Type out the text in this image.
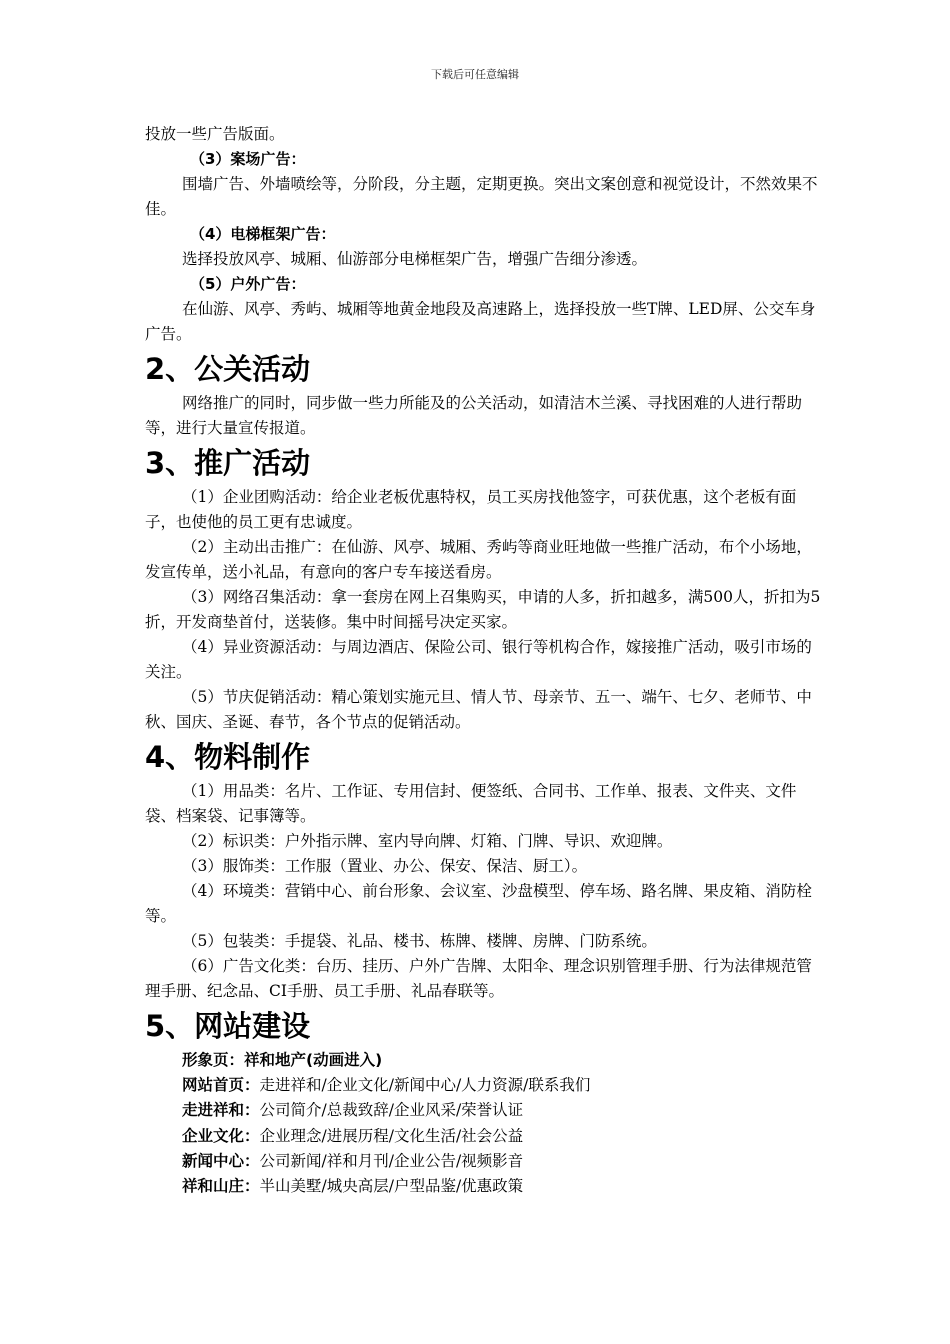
下载后可任意编辑

投放一些广告版面。

（3）案场广告：

围墙广告、外墙喷绘等，分阶段，分主题，定期更换。突出文案创意和视觉设计，不然效果不佳。

（4）电梯框架广告：

选择投放风亭、城厢、仙游部分电梯框架广告，增强广告细分渗透。

（5）户外广告：

在仙游、风亭、秀屿、城厢等地黄金地段及高速路上，选择投放一些T牌、LED屏、公交车身广告。

2、公关活动

网络推广的同时，同步做一些力所能及的公关活动，如清洁木兰溪、寻找困难的人进行帮助等，进行大量宣传报道。

3、推广活动

（1）企业团购活动：给企业老板优惠特权，员工买房找他签字，可获优惠，这个老板有面子，也使他的员工更有忠诚度。

（2）主动出击推广：在仙游、风亭、城厢、秀屿等商业旺地做一些推广活动，布个小场地，发宣传单，送小礼品，有意向的客户专车接送看房。

（3）网络召集活动：拿一套房在网上召集购买，申请的人多，折扣越多，满500人，折扣为5折，开发商垫首付，送装修。集中时间摇号决定买家。

（4）异业资源活动：与周边酒店、保险公司、银行等机构合作，嫁接推广活动，吸引市场的关注。

（5）节庆促销活动：精心策划实施元旦、情人节、母亲节、五一、端午、七夕、老师节、中秋、国庆、圣诞、春节，各个节点的促销活动。

4、物料制作

（1）用品类：名片、工作证、专用信封、便签纸、合同书、工作单、报表、文件夹、文件袋、档案袋、记事簿等。

（2）标识类：户外指示牌、室内导向牌、灯箱、门牌、导识、欢迎牌。

（3）服饰类：工作服（置业、办公、保安、保洁、厨工）。

（4）环境类：营销中心、前台形象、会议室、沙盘模型、停车场、路名牌、果皮箱、消防栓等。

（5）包装类：手提袋、礼品、楼书、栋牌、楼牌、房牌、门防系统。

（6）广告文化类：台历、挂历、户外广告牌、太阳伞、理念识别管理手册、行为法律规范管理手册、纪念品、CI手册、员工手册、礼品春联等。

5、网站建设

形象页：祥和地产(动画进入)

网站首页：走进祥和/企业文化/新闻中心/人力资源/联系我们

走进祥和：公司简介/总裁致辞/企业风采/荣誉认证

企业文化：企业理念/进展历程/文化生活/社会公益

新闻中心：公司新闻/祥和月刊/企业公告/视频影音

祥和山庄：半山美墅/城央高层/户型品鉴/优惠政策
